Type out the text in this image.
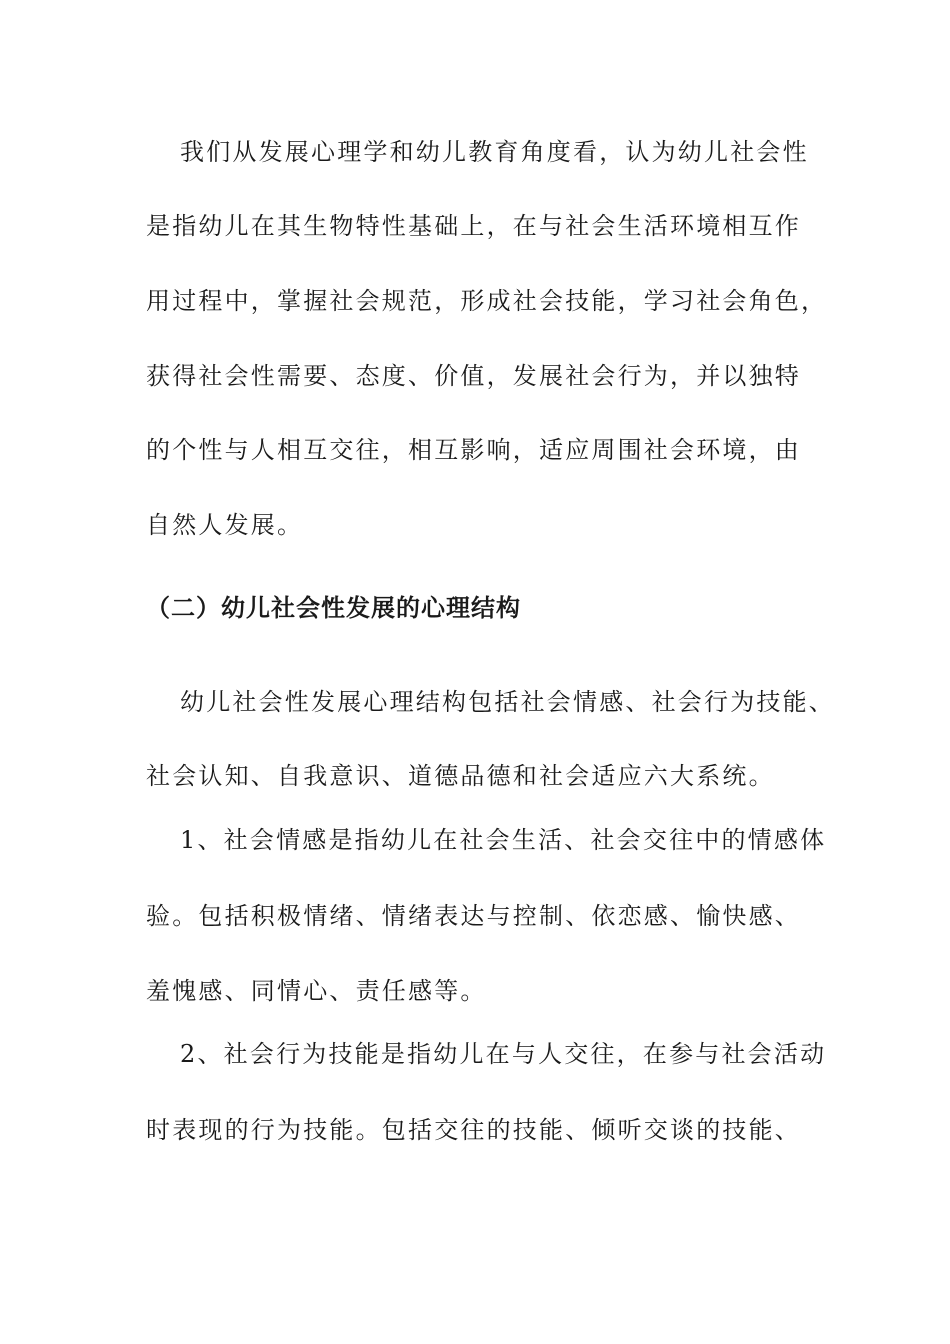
我们从发展心理学和幼儿教育角度看，认为幼儿社会性
是指幼儿在其生物特性基础上，在与社会生活环境相互作
用过程中，掌握社会规范，形成社会技能，学习社会角色，
获得社会性需要、态度、价值，发展社会行为，并以独特
的个性与人相互交往，相互影响，适应周围社会环境，由
自然人发展。
（二）幼儿社会性发展的心理结构
幼儿社会性发展心理结构包括社会情感、社会行为技能、
社会认知、自我意识、道德品德和社会适应六大系统。
1、社会情感是指幼儿在社会生活、社会交往中的情感体
验。包括积极情绪、情绪表达与控制、依恋感、愉快感、
羞愧感、同情心、责任感等。
2、社会行为技能是指幼儿在与人交往，在参与社会活动
时表现的行为技能。包括交往的技能、倾听交谈的技能、
